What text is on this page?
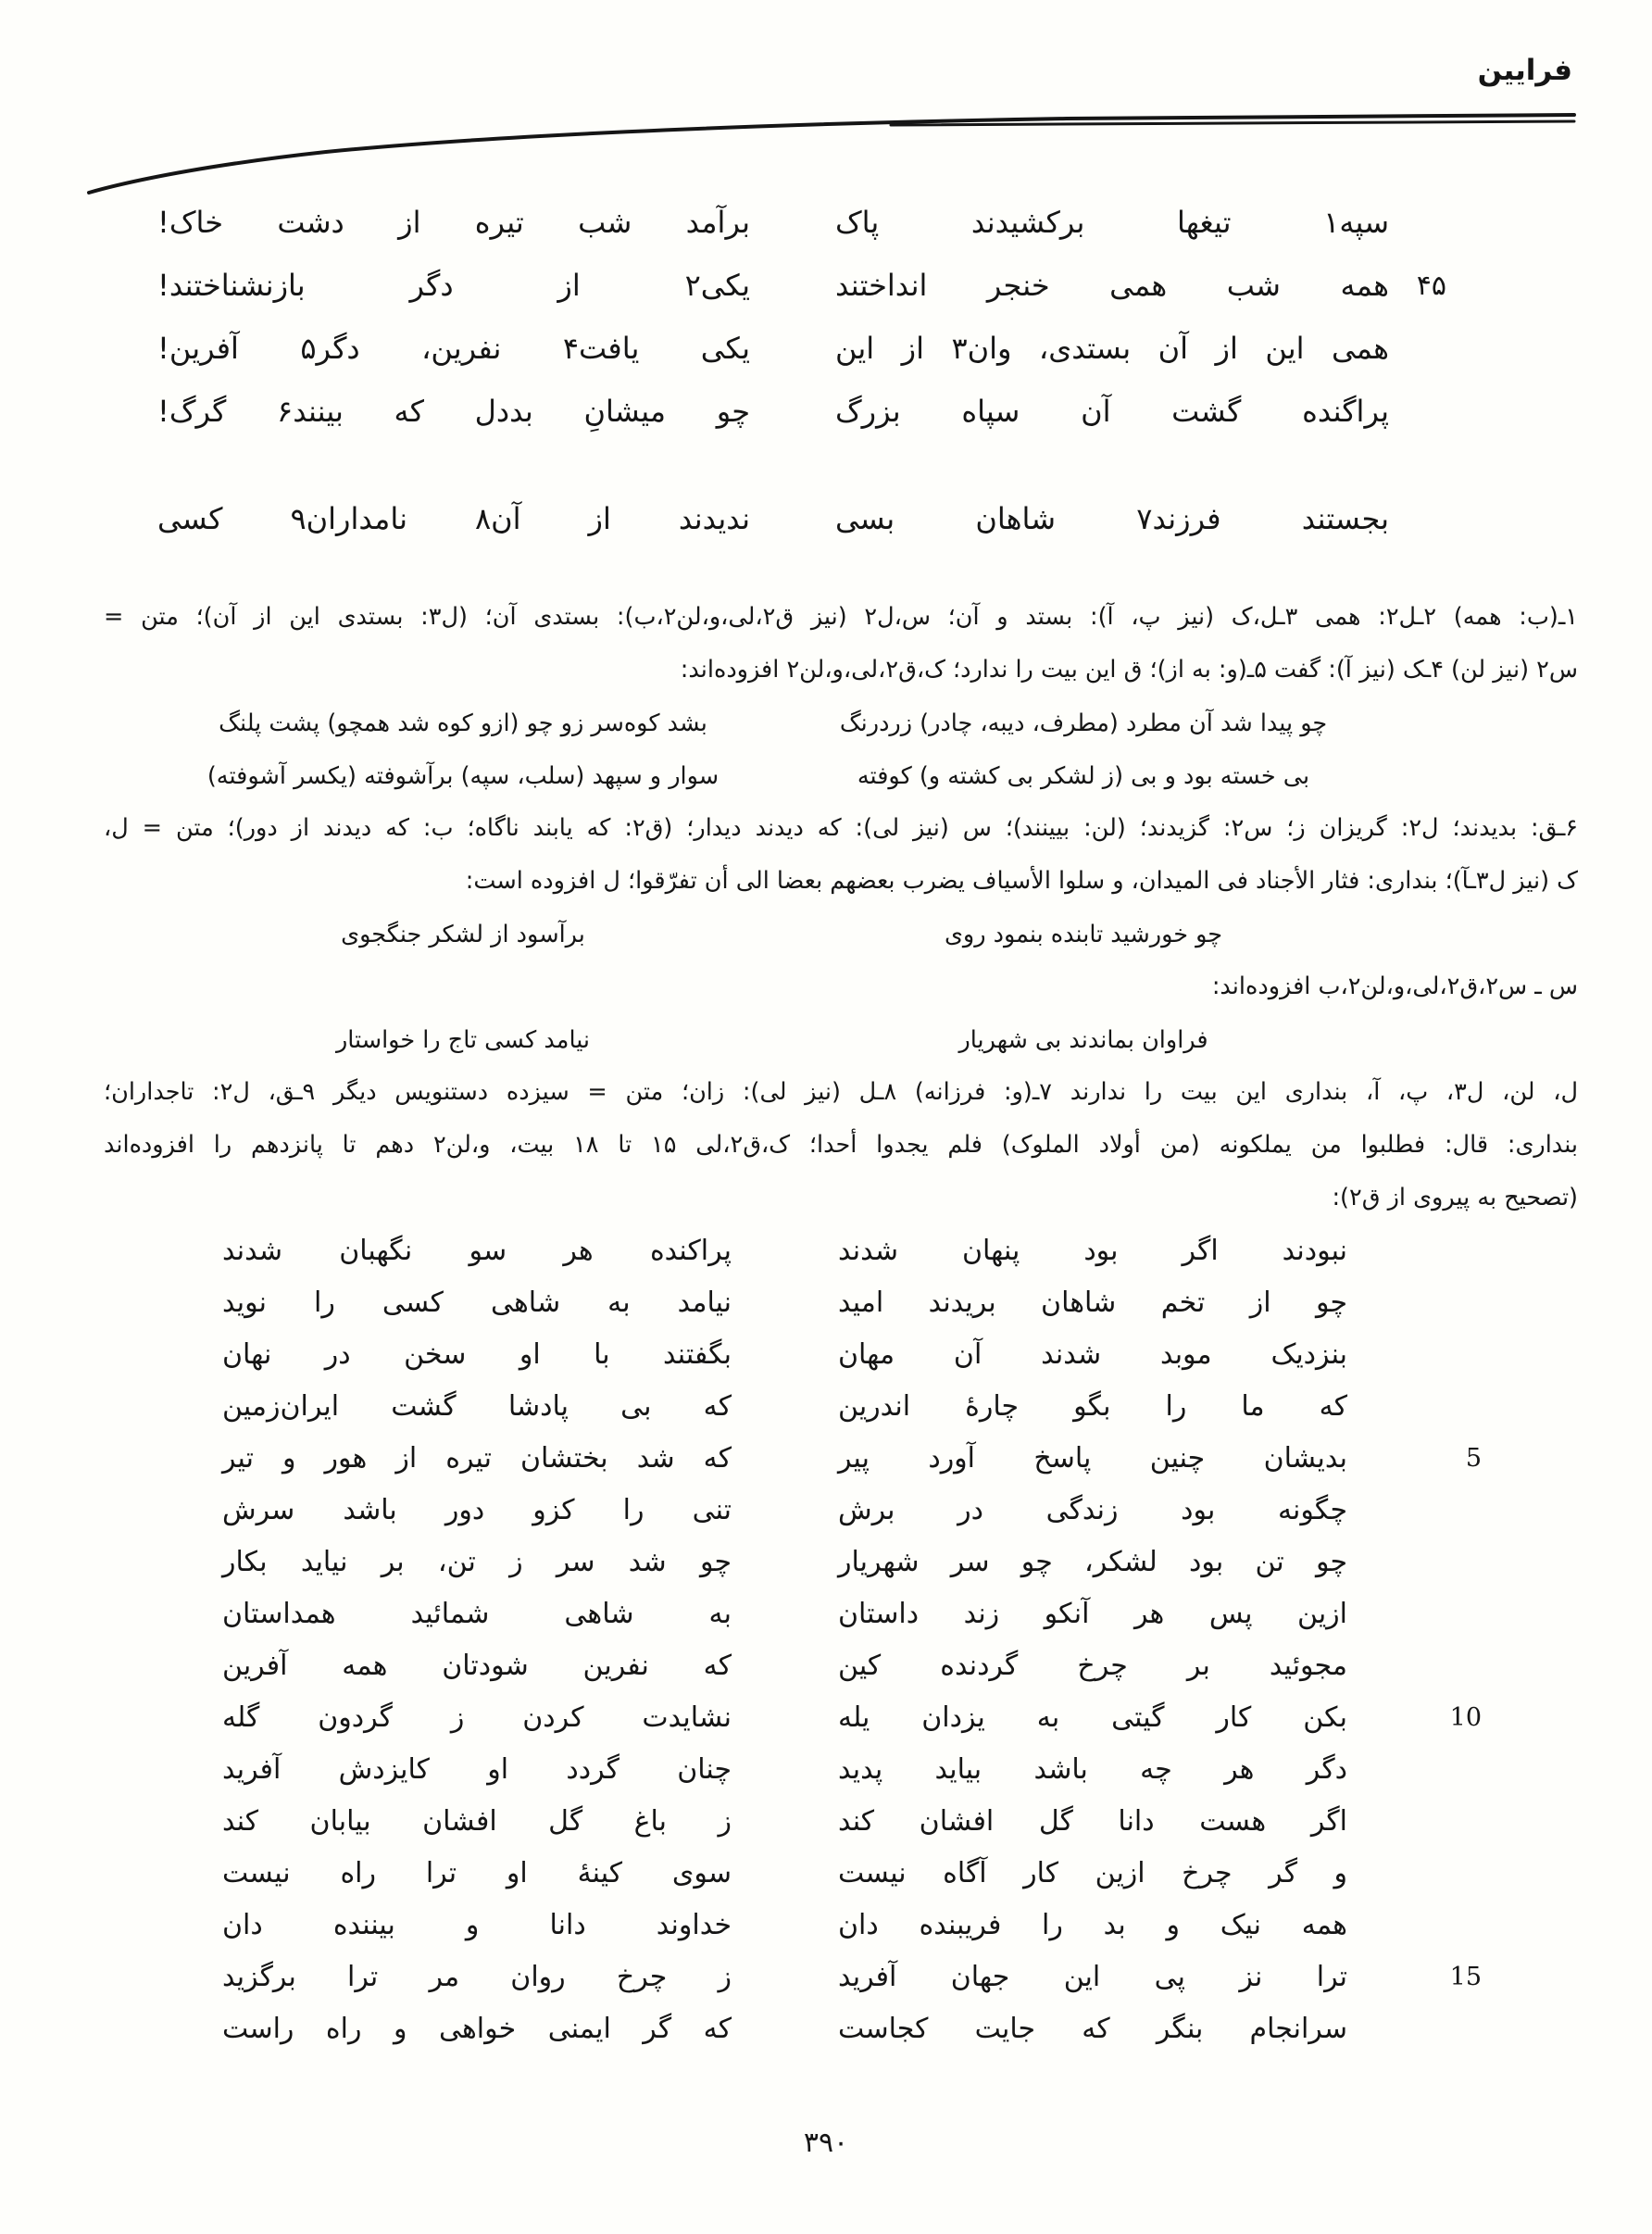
فرایین
سپه۱ تیغها برکشیدند پاک
برآمد شب تیره از دشت خاک!
۴۵
همه شب همی خنجر انداختند
یکی۲ از دگر بازنشناختند!
همی این از آن بستدی، وان۳ از این
یکی یافت۴ نفرین، دگر۵ آفرین!
پراگنده گشت آن سپاه بزرگ
چو میشانِ بددل که بینند۶ گرگ!
بجستند فرزند۷ شاهان بسی
ندیدند از آن۸ نامداران۹ کسی
۱ـ(ب: همه) ۲ـل۲: همی ۳ـل،ک (نیز پ، آ): بستد و آن؛ س،ل۲ (نیز ق۲،لی،و،لن۲،ب): بستدی آن؛ (ل۳: بستدی این از آن)؛ متن =
س۲ (نیز لن) ۴ـک (نیز آ): گفت ۵ـ(و: به از)؛ ق این بیت را ندارد؛ ک،ق۲،لی،و،لن۲ افزوده‌اند:
چو پیدا شد آن مطرد (مطرف، دیبه، چادر) زردرنگ
بشد کوه‌سر زو چو (ازو کوه شد همچو) پشت پلنگ
بی خسته بود و بی (ز لشکر بی کشته و) کوفته
سوار و سپهد (سلب، سپه) برآشوفته (یکسر آشوفته)
۶ـق: بدیدند؛ ل۲: گریزان ز؛ س۲: گزیدند؛ (لن: بیینند)؛ س (نیز لی): که دیدند دیدار؛ (ق۲: که یابند ناگاه؛ ب: که دیدند از دور)؛ متن = ل،
ک (نیز ل۳ـآ)؛ بنداری: فثار الأجناد فی المیدان، و سلوا الأسیاف یضرب بعضهم بعضا الی أن تفرّقوا؛ ل افزوده است:
چو خورشید تابنده بنمود روی
برآسود از لشکر جنگجوی
س ـ س۲،ق۲،لی،و،لن۲،ب افزوده‌اند:
فراوان بماندند بی شهریار
نیامد کسی تاج را خواستار
ل، لن، ل۳، پ، آ، بنداری این بیت را ندارند ۷ـ(و: فرزانه) ۸ـل (نیز لی): زان؛ متن = سیزده دستنویس دیگر ۹ـق، ل۲: تاجداران؛
بنداری: قال: فطلبوا من یملکونه (من أولاد الملوک) فلم یجدوا أحدا؛ ک،ق۲،لی ۱۵ تا ۱۸ بیت، و،لن۲ دهم تا پانزدهم را افزوده‌اند
(تصحیح به پیروی از ق۲):
نبودند اگر بود پنهان شدند
پراکنده هر سو نگهبان شدند
چو از تخم شاهان بریدند امید
نیامد به شاهی کسی را نوید
بنزدیک موبد شدند آن مهان
بگفتند با او سخن در نهان
که ما را بگو چارۀ اندرین
که بی پادشا گشت ایران‌زمین
5
بدیشان چنین پاسخ آورد پیر
که شد بختشان تیره از هور و تیر
چگونه بود زندگی در برش
تنی را کزو دور باشد سرش
چو تن بود لشکر، چو سر شهریار
چو شد سر ز تن، بر نیاید بکار
ازین پس هر آنکو زند داستان
به شاهی شمائید همداستان
مجوئید بر چرخ گردنده کین
که نفرین شودتان همه آفرین
10
بکن کار گیتی به یزدان یله
نشایدت کردن ز گردون گله
دگر هر چه باشد بیاید پدید
چنان گردد او کایزدش آفرید
اگر هست دانا گل افشان کند
ز باغ گل افشان بیابان کند
و گر چرخ ازین کار آگاه نیست
سوی کینۀ او ترا راه نیست
همه نیک و بد را فریبنده دان
خداوند دانا و بیننده دان
15
ترا نز پی این جهان آفرید
ز چرخ روان مر ترا برگزید
سرانجام بنگر که جایت کجاست
که گر ایمنی خواهی و راه راست
۳۹۰
